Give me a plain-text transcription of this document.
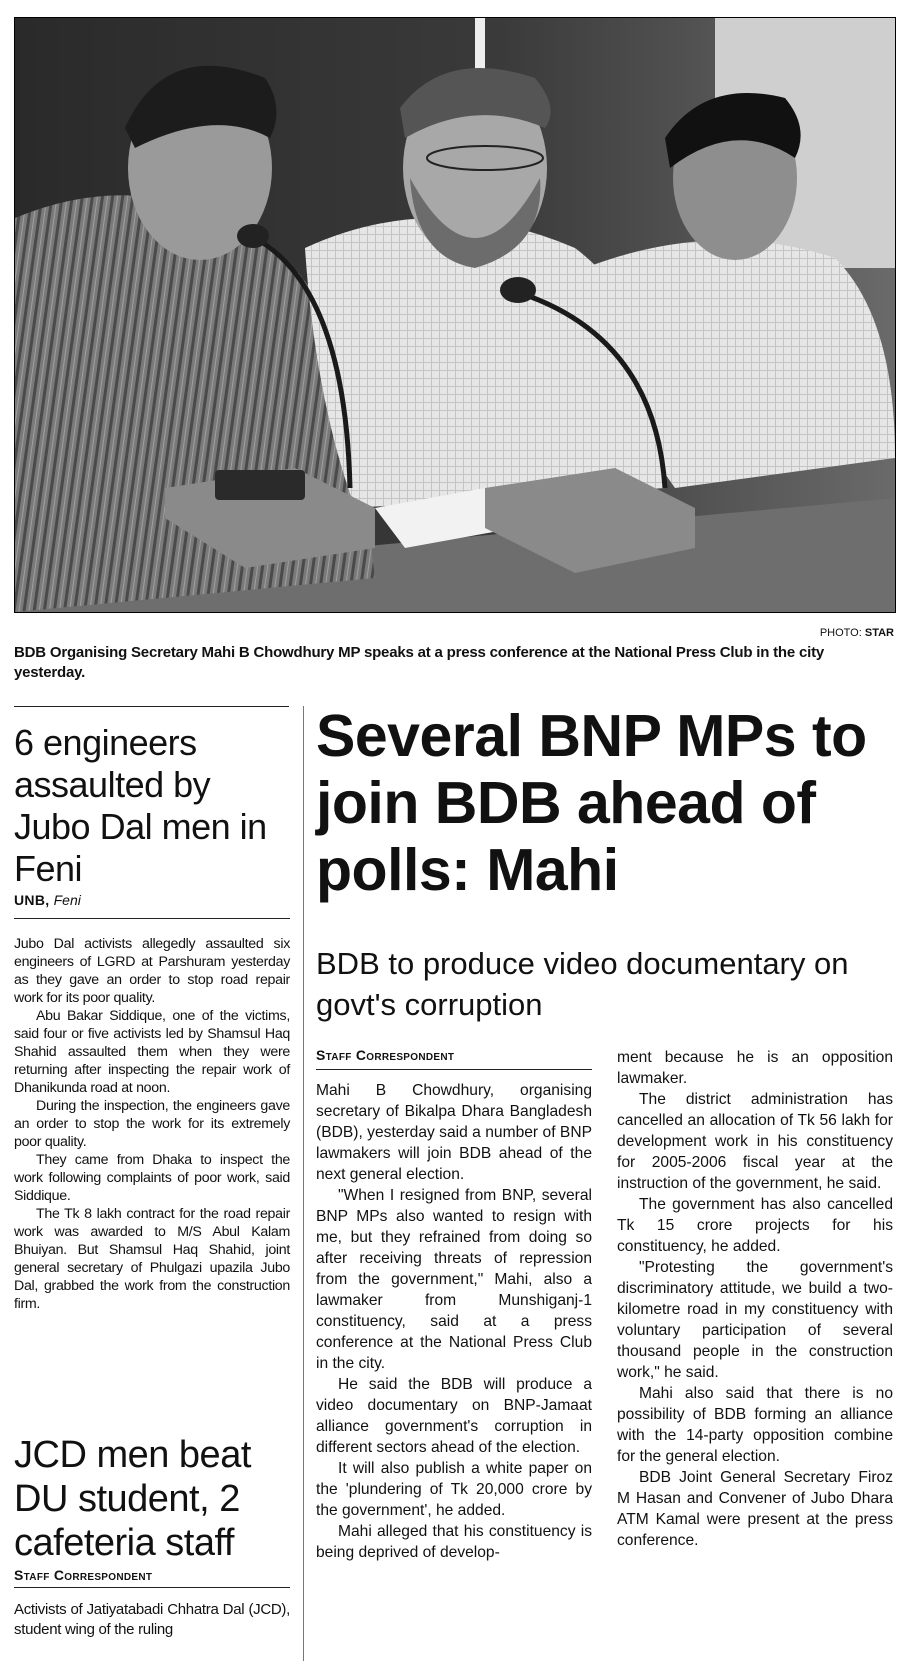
PHOTO: STAR
BDB Organising Secretary Mahi B Chowdhury MP speaks at a press conference at the National Press Club in the city yesterday.
6 engineers assaulted by Jubo Dal men in Feni
UNB, Feni

Jubo Dal activists allegedly assaulted six engineers of LGRD at Parshuram yesterday as they gave an order to stop road repair work for its poor quality.

Abu Bakar Siddique, one of the victims, said four or five activists led by Shamsul Haq Shahid assaulted them when they were returning after inspecting the repair work of Dhanikunda road at noon.

During the inspection, the engineers gave an order to stop the work for its extremely poor quality.

They came from Dhaka to inspect the work following complaints of poor work, said Siddique.

The Tk 8 lakh contract for the road repair work was awarded to M/S Abul Kalam Bhuiyan. But Shamsul Haq Shahid, joint general secretary of Phulgazi upazila Jubo Dal, grabbed the work from the construction firm.

JCD men beat DU student, 2 cafeteria staff
Staff Correspondent

Activists of Jatiyatabadi Chhatra Dal (JCD), student wing of the ruling

Several BNP MPs to join BDB ahead of polls: Mahi
BDB to produce video documentary on govt's corruption
Staff Correspondent

Mahi B Chowdhury, organising secretary of Bikalpa Dhara Bangladesh (BDB), yesterday said a number of BNP lawmakers will join BDB ahead of the next general election.

"When I resigned from BNP, several BNP MPs also wanted to resign with me, but they refrained from doing so after receiving threats of repression from the government," Mahi, also a lawmaker from Munshiganj-1 constituency, said at a press conference at the National Press Club in the city.

He said the BDB will produce a video documentary on BNP-Jamaat alliance government's corruption in different sectors ahead of the election.

It will also publish a white paper on the 'plundering of Tk 20,000 crore by the government', he added.

Mahi alleged that his constituency is being deprived of develop-

ment because he is an opposition lawmaker.

The district administration has cancelled an allocation of Tk 56 lakh for development work in his constituency for 2005-2006 fiscal year at the instruction of the government, he said.

The government has also cancelled Tk 15 crore projects for his constituency, he added.

"Protesting the government's discriminatory attitude, we build a two-kilometre road in my constituency with voluntary participation of several thousand people in the construction work," he said.

Mahi also said that there is no possibility of BDB forming an alliance with the 14-party opposition combine for the general election.

BDB Joint General Secretary Firoz M Hasan and Convener of Jubo Dhara ATM Kamal were present at the press conference.
